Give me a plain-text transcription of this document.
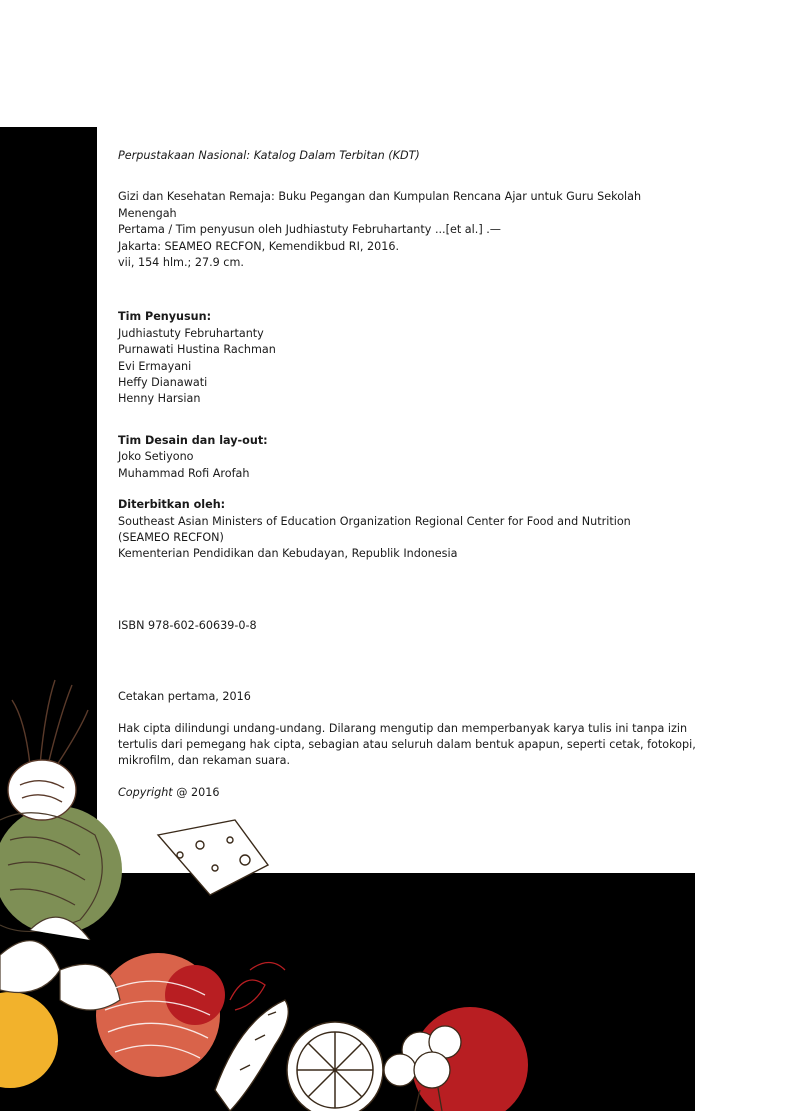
Perpustakaan Nasional: Katalog Dalam Terbitan (KDT)

Gizi dan Kesehatan Remaja: Buku Pegangan dan Kumpulan Rencana Ajar untuk Guru Sekolah Menengah

Pertama / Tim penyusun oleh Judhiastuty Februhartanty ...[et al.] .—

Jakarta: SEAMEO RECFON, Kemendikbud RI, 2016.

vii, 154 hlm.; 27.9 cm.

Tim Penyusun:

Judhiastuty Februhartanty

Purnawati Hustina Rachman

Evi Ermayani

Heffy Dianawati

Henny Harsian

Tim Desain dan lay-out:

Joko Setiyono

Muhammad Rofi Arofah

Diterbitkan oleh:

Southeast Asian Ministers of Education Organization Regional Center for Food and Nutrition

(SEAMEO RECFON)

Kementerian Pendidikan dan Kebudayan, Republik Indonesia

ISBN 978-602-60639-0-8

Cetakan pertama, 2016

Hak cipta dilindungi undang-undang. Dilarang mengutip dan memperbanyak karya tulis ini tanpa izin

tertulis dari pemegang hak cipta, sebagian atau seluruh dalam bentuk apapun, seperti cetak, fotokopi,

mikrofilm, dan rekaman suara.

Copyright @ 2016
